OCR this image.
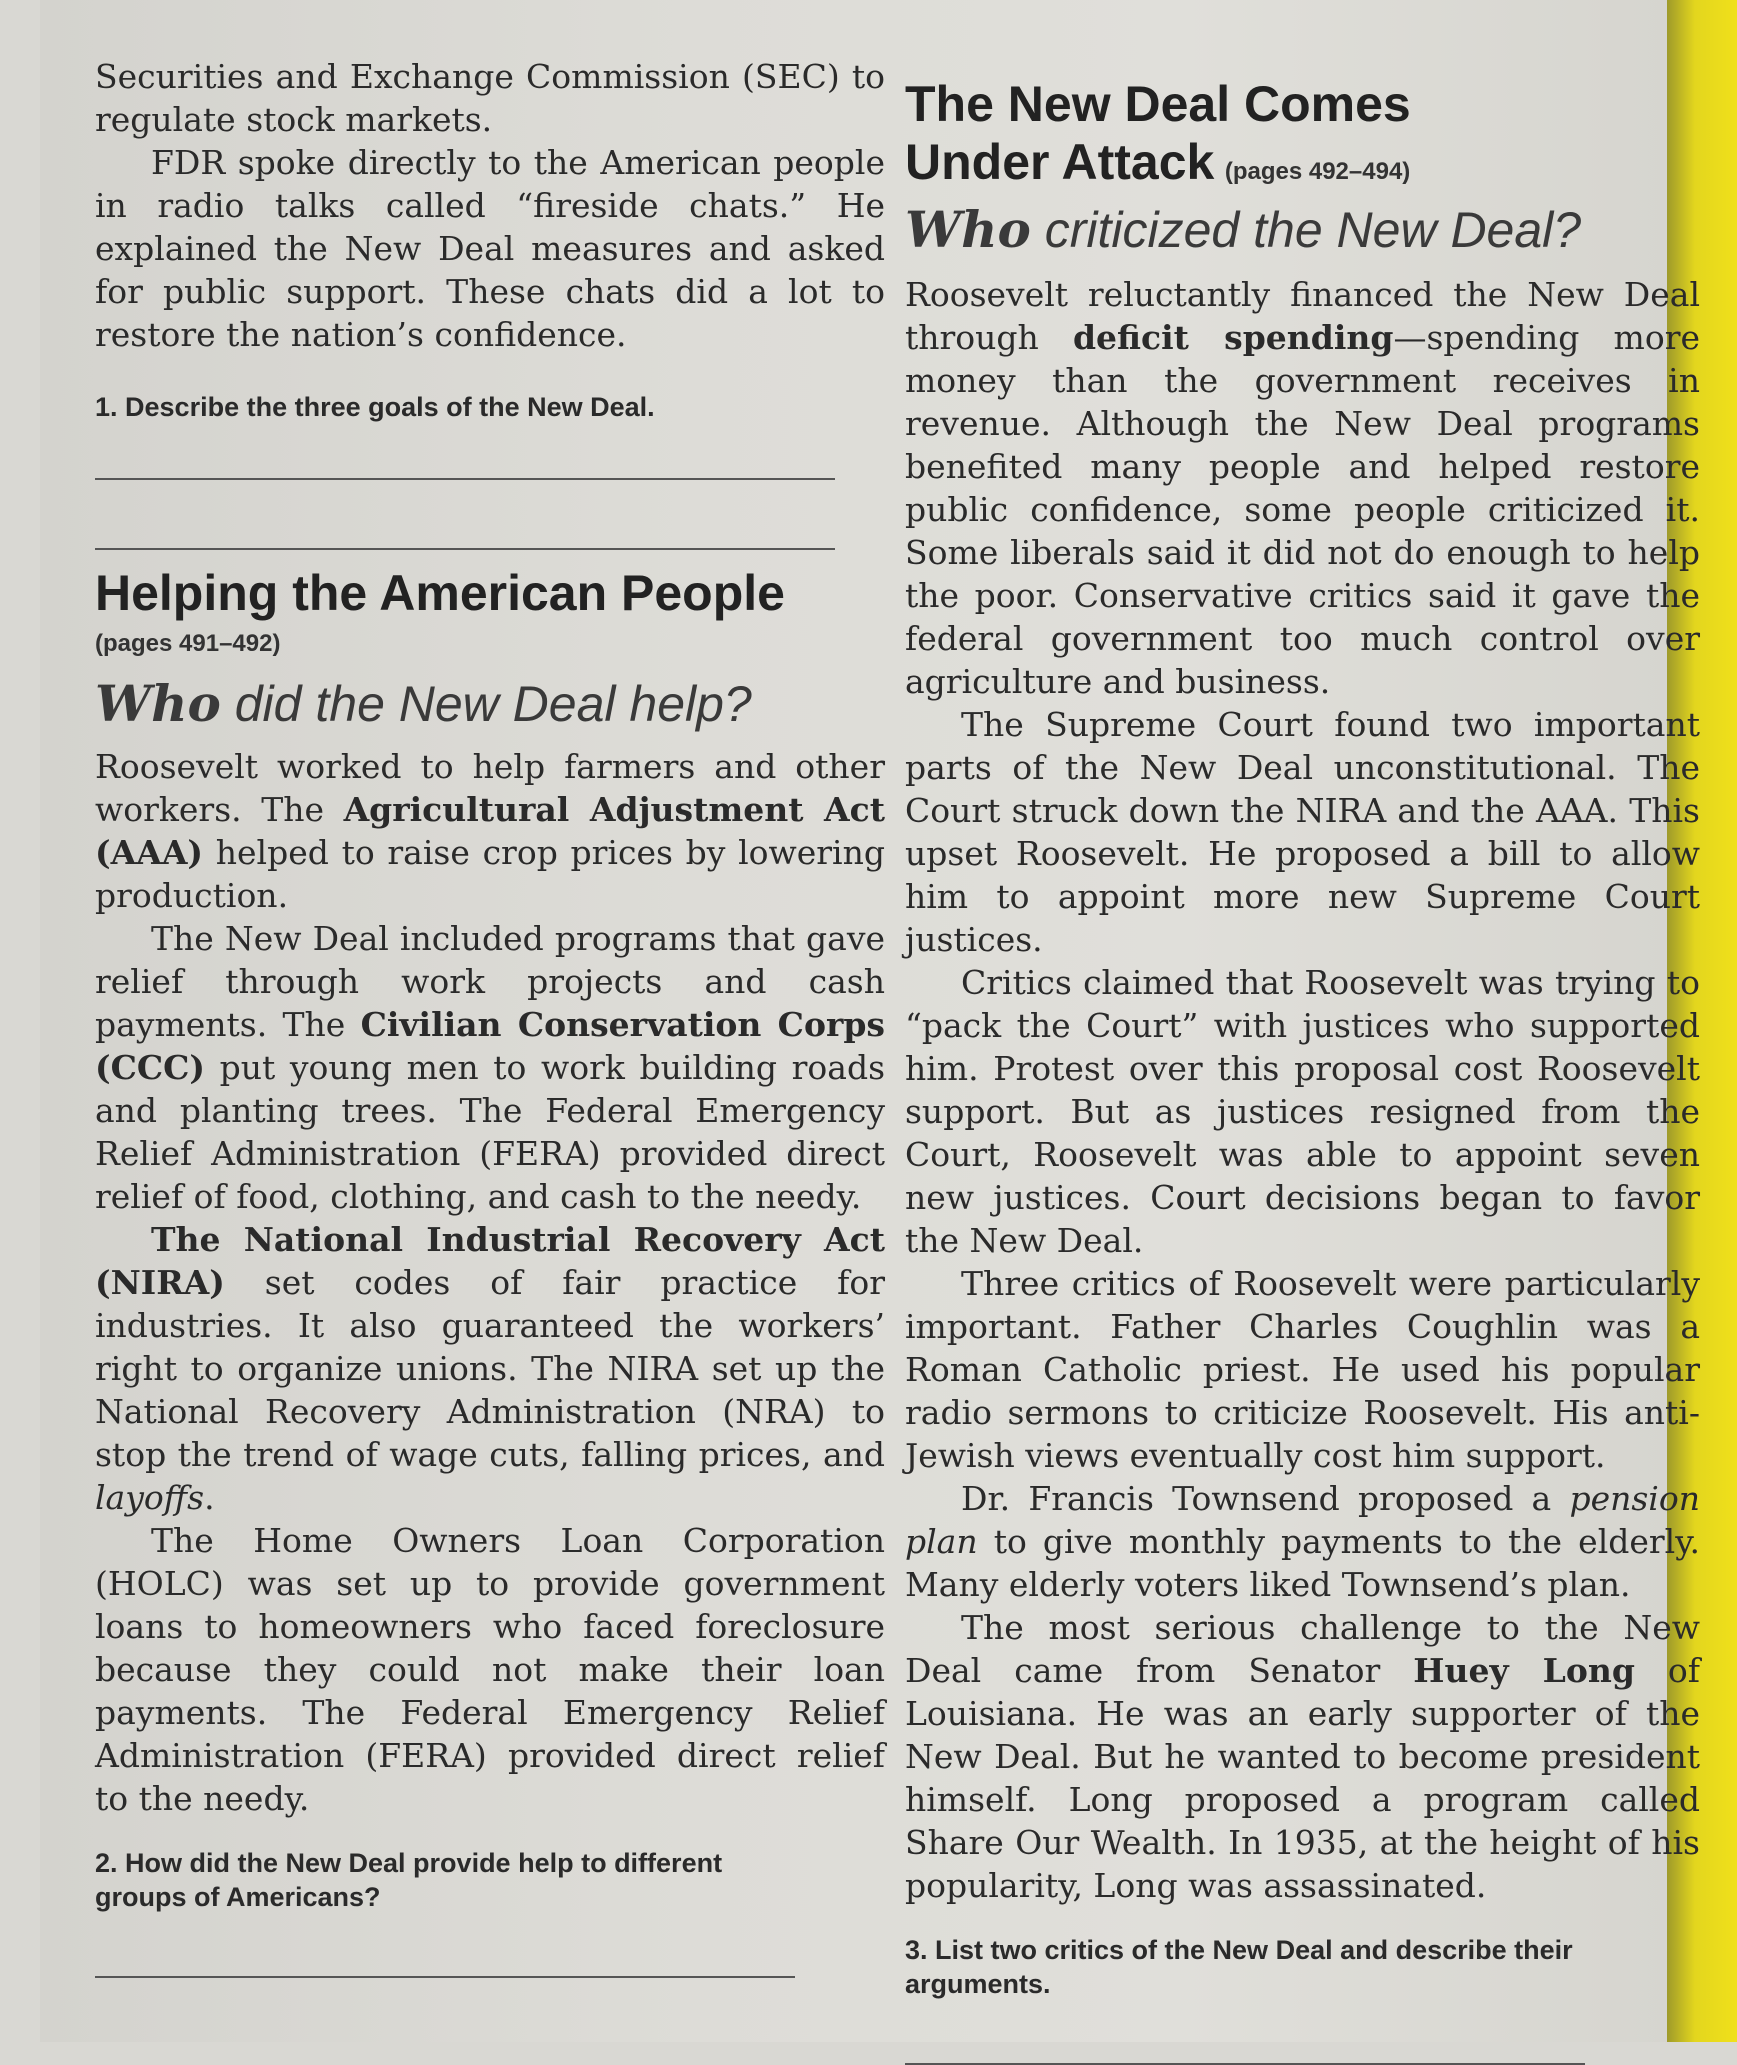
Securities and Exchange Commission (SEC) to regulate stock markets.

FDR spoke directly to the American people in radio talks called “fireside chats.” He explained the New Deal measures and asked for public support. These chats did a lot to restore the nation’s confidence.

1. Describe the three goals of the New Deal.
Helping the American People
(pages 491–492)
Who did the New Deal help?

Roosevelt worked to help farmers and other workers. The Agricultural Adjustment Act (AAA) helped to raise crop prices by lowering production.

The New Deal included programs that gave relief through work projects and cash payments. The Civilian Conservation Corps (CCC) put young men to work building roads and planting trees. The Federal Emergency Relief Administration (FERA) provided direct relief of food, clothing, and cash to the needy.

The National Industrial Recovery Act (NIRA) set codes of fair practice for industries. It also guaranteed the workers’ right to organize unions. The NIRA set up the National Recovery Administration (NRA) to stop the trend of wage cuts, falling prices, and layoffs.

The Home Owners Loan Corporation (HOLC) was set up to provide government loans to homeowners who faced foreclosure because they could not make their loan payments. The Federal Emergency Relief Administration (FERA) provided direct relief to the needy.

2. How did the New Deal provide help to different groups of Americans?
The New Deal Comes
Under Attack (pages 492–494)
Who criticized the New Deal?

Roosevelt reluctantly financed the New Deal through deficit spending—spending more money than the government receives in revenue. Although the New Deal programs benefited many people and helped restore public confidence, some people criticized it. Some liberals said it did not do enough to help the poor. Conservative critics said it gave the federal government too much control over agriculture and business.

The Supreme Court found two important parts of the New Deal unconstitutional. The Court struck down the NIRA and the AAA. This upset Roosevelt. He proposed a bill to allow him to appoint more new Supreme Court justices.

Critics claimed that Roosevelt was trying to “pack the Court” with justices who supported him. Protest over this proposal cost Roosevelt support. But as justices resigned from the Court, Roosevelt was able to appoint seven new justices. Court decisions began to favor the New Deal.

Three critics of Roosevelt were particularly important. Father Charles Coughlin was a Roman Catholic priest. He used his popular radio sermons to criticize Roosevelt. His anti-Jewish views eventually cost him support.

Dr. Francis Townsend proposed a pension plan to give monthly payments to the elderly. Many elderly voters liked Townsend’s plan.

The most serious challenge to the New Deal came from Senator Huey Long of Louisiana. He was an early supporter of the New Deal. But he wanted to become president himself. Long proposed a program called Share Our Wealth. In 1935, at the height of his popularity, Long was assassinated.

3. List two critics of the New Deal and describe their arguments.
